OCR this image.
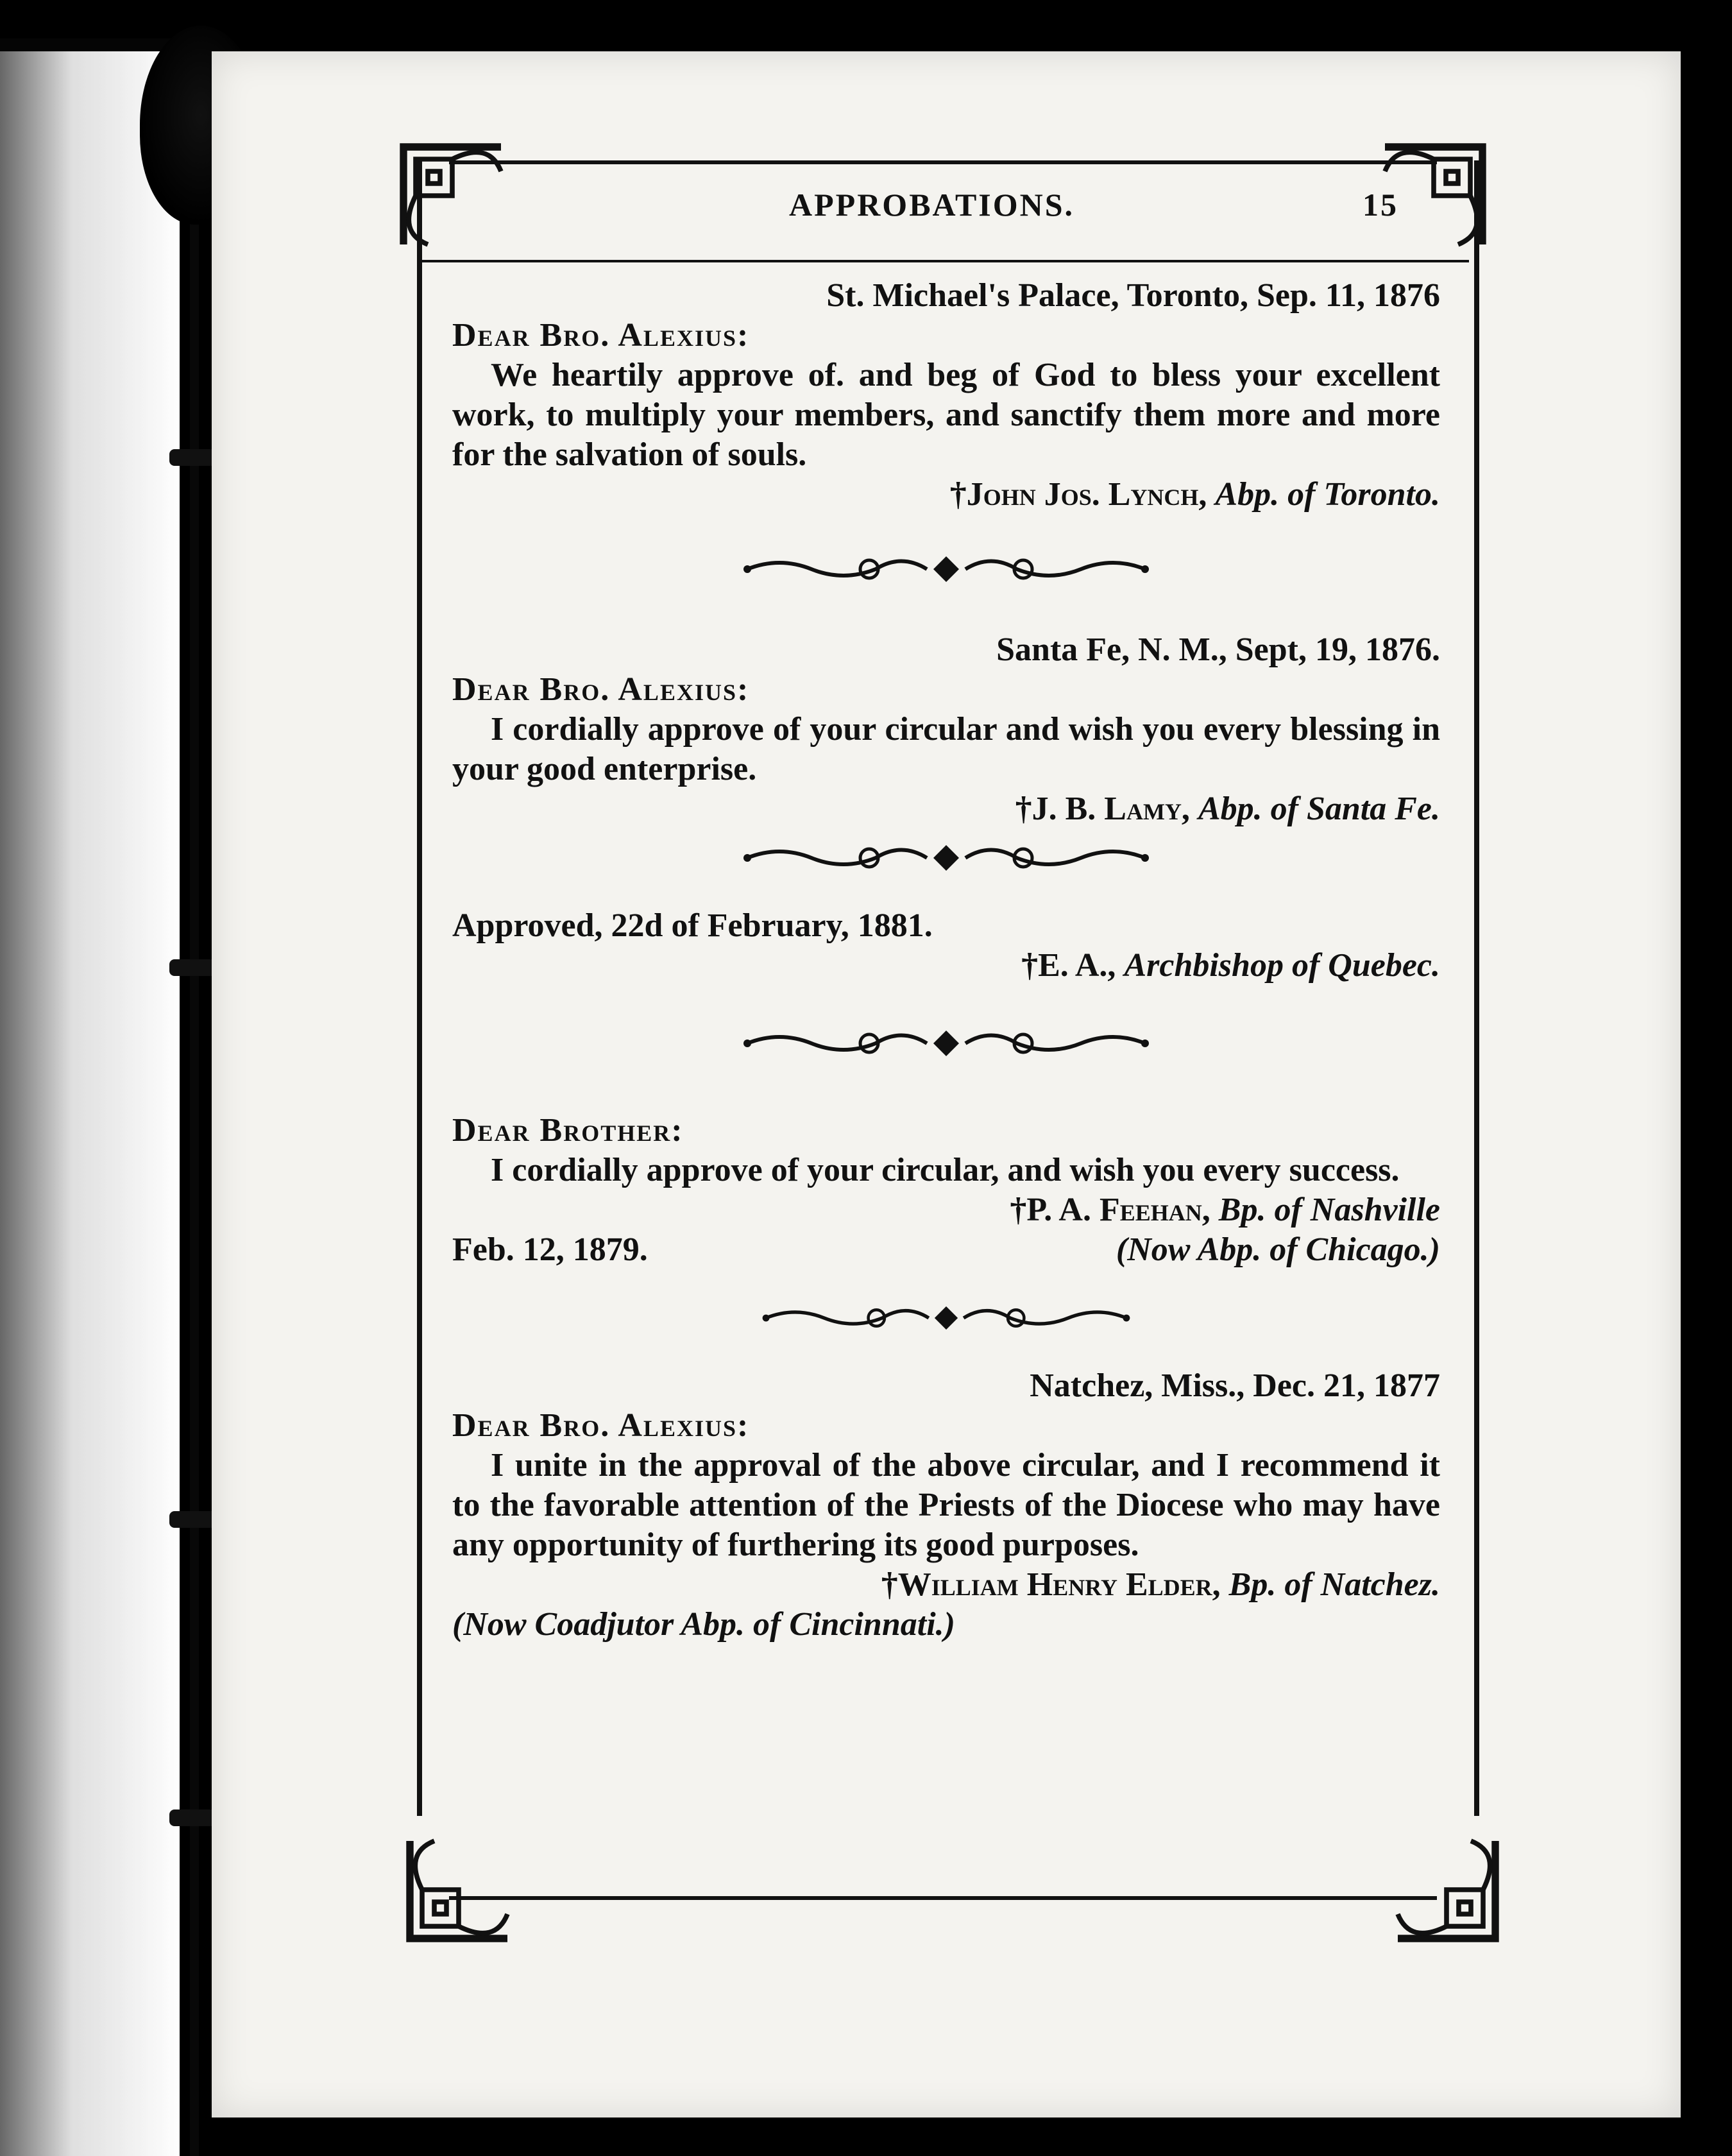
APPROBATIONS.	15
St. Michael's Palace, Toronto, Sep. 11, 1876
Dear Bro. Alexius:
We heartily approve of. and beg of God to bless your excellent work, to multiply your members, and sanctify them more and more for the salvation of souls.
†John Jos. Lynch, Abp. of Toronto.
Santa Fe, N. M., Sept, 19, 1876.
Dear Bro. Alexius:
I cordially approve of your circular and wish you every blessing in your good enterprise.
†J. B. Lamy, Abp. of Santa Fe.
Approved, 22d of February, 1881.
†E. A., Archbishop of Quebec.
Dear Brother:
I cordially approve of your circular, and wish you every success.
†P. A. Feehan, Bp. of Nashville
Feb. 12, 1879.	(Now Abp. of Chicago.)
Natchez, Miss., Dec. 21, 1877
Dear Bro. Alexius:
I unite in the approval of the above circular, and I recommend it to the favorable attention of the Priests of the Diocese who may have any opportunity of furthering its good purposes.
†William Henry Elder, Bp. of Natchez.
(Now Coadjutor Abp. of Cincinnati.)
